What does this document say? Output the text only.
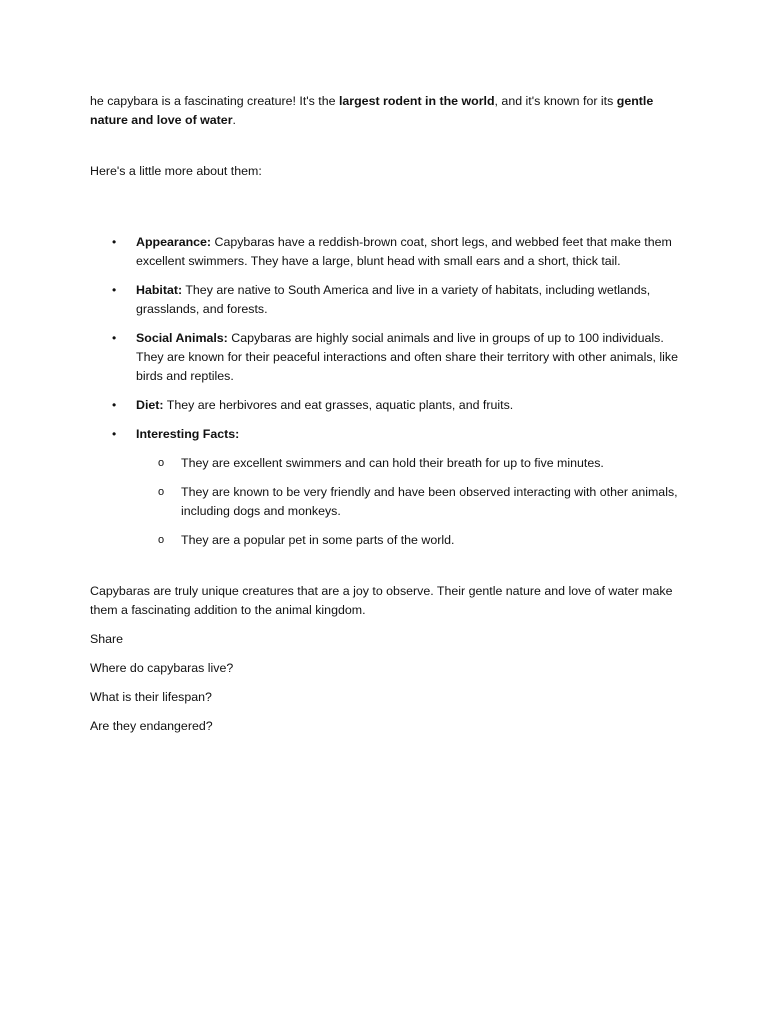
he capybara is a fascinating creature! It's the largest rodent in the world, and it's known for its gentle nature and love of water.

Here's a little more about them:

• Appearance: Capybaras have a reddish-brown coat, short legs, and webbed feet that make them excellent swimmers. They have a large, blunt head with small ears and a short, thick tail.
• Habitat: They are native to South America and live in a variety of habitats, including wetlands, grasslands, and forests.
• Social Animals: Capybaras are highly social animals and live in groups of up to 100 individuals. They are known for their peaceful interactions and often share their territory with other animals, like birds and reptiles.
• Diet: They are herbivores and eat grasses, aquatic plants, and fruits.
• Interesting Facts:
o They are excellent swimmers and can hold their breath for up to five minutes.
o They are known to be very friendly and have been observed interacting with other animals, including dogs and monkeys.
o They are a popular pet in some parts of the world.

Capybaras are truly unique creatures that are a joy to observe. Their gentle nature and love of water make them a fascinating addition to the animal kingdom.

Share

Where do capybaras live?

What is their lifespan?

Are they endangered?
